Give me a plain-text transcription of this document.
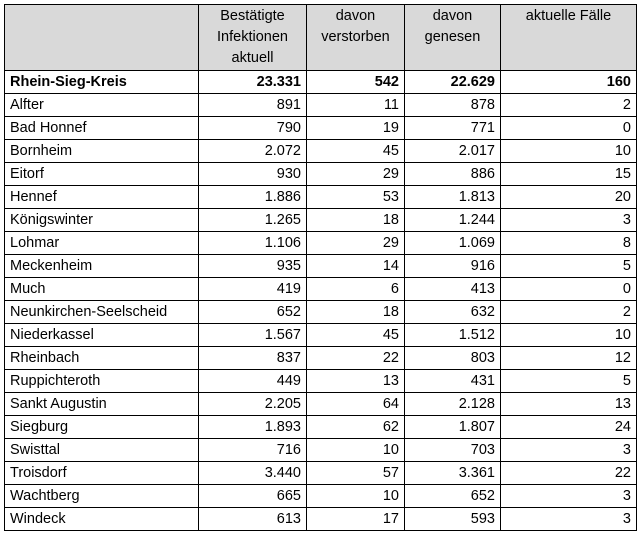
	Bestätigte Infektionen aktuell	davon verstorben	davon genesen	aktuelle Fälle
Rhein-Sieg-Kreis	23.331	542	22.629	160
Alfter	891	11	878	2
Bad Honnef	790	19	771	0
Bornheim	2.072	45	2.017	10
Eitorf	930	29	886	15
Hennef	1.886	53	1.813	20
Königswinter	1.265	18	1.244	3
Lohmar	1.106	29	1.069	8
Meckenheim	935	14	916	5
Much	419	6	413	0
Neunkirchen-Seelscheid	652	18	632	2
Niederkassel	1.567	45	1.512	10
Rheinbach	837	22	803	12
Ruppichteroth	449	13	431	5
Sankt Augustin	2.205	64	2.128	13
Siegburg	1.893	62	1.807	24
Swisttal	716	10	703	3
Troisdorf	3.440	57	3.361	22
Wachtberg	665	10	652	3
Windeck	613	17	593	3
